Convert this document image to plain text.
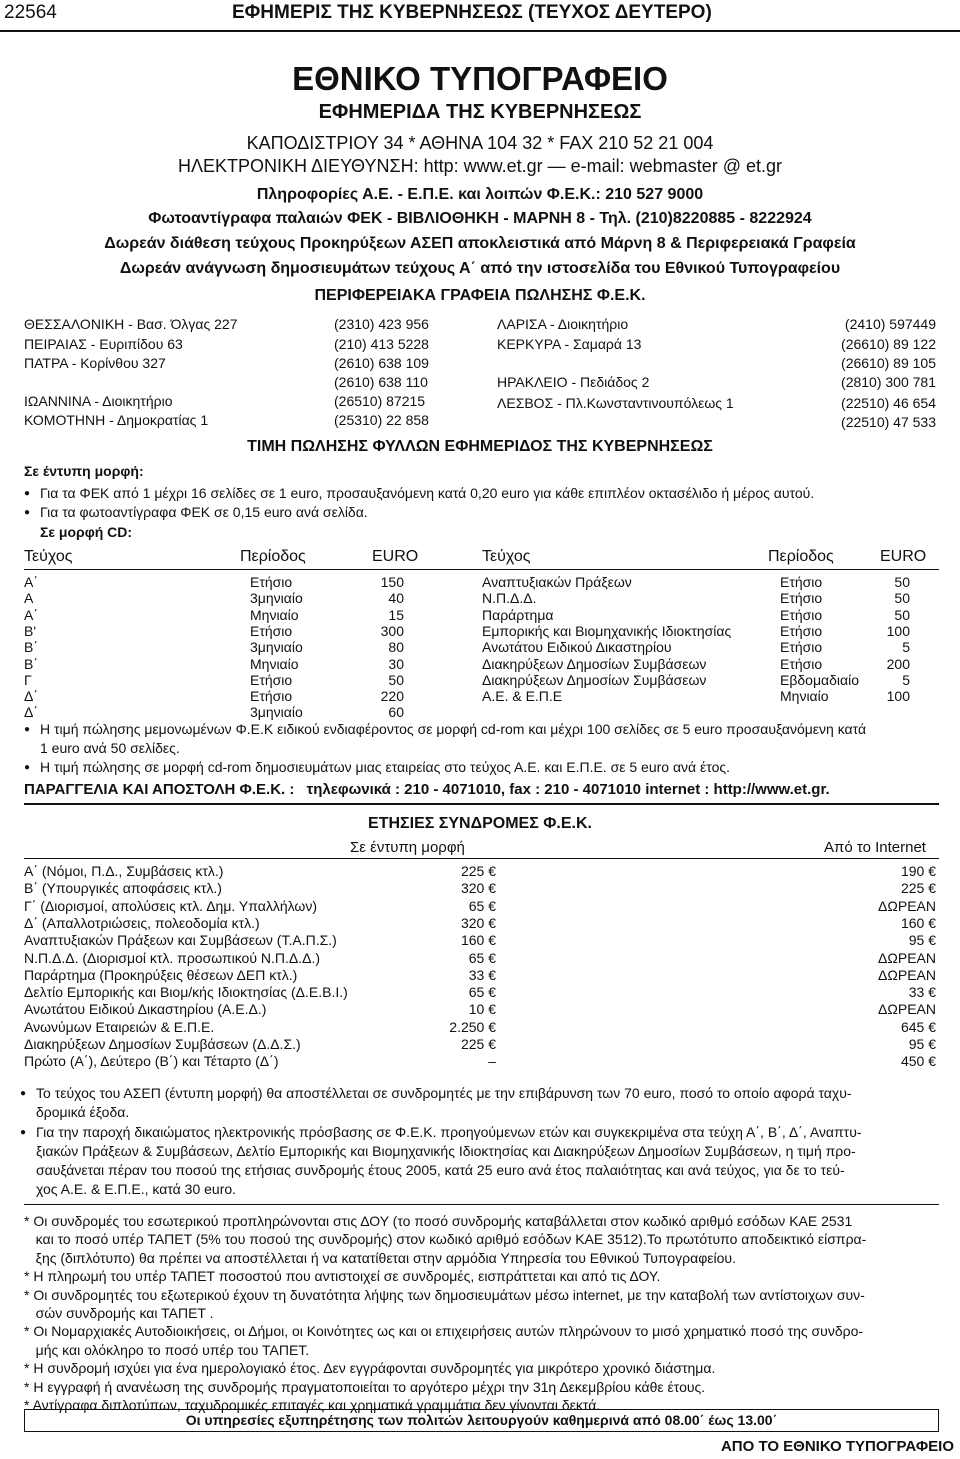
22564	ΕΦΗΜΕΡΙΣ ΤΗΣ ΚΥΒΕΡΝΗΣΕΩΣ (ΤΕΥΧΟΣ ΔΕΥΤΕΡΟ)
ΕΘΝΙΚΟ ΤΥΠΟΓΡΑΦΕΙΟ
ΕΦΗΜΕΡΙΔΑ ΤΗΣ ΚΥΒΕΡΝΗΣΕΩΣ
ΚΑΠΟΔΙΣΤΡΙΟΥ 34 * ΑΘΗΝΑ 104 32 * FAX 210 52 21 004
ΗΛΕΚΤΡΟΝΙΚΗ ΔΙΕΥΘΥΝΣΗ: http: www.et.gr — e-mail: webmaster @ et.gr
Πληροφορίες Α.Ε. - Ε.Π.Ε. και λοιπών Φ.Ε.Κ.: 210 527 9000
Φωτοαντίγραφα παλαιών ΦΕΚ - ΒΙΒΛΙΟΘΗΚΗ - ΜΑΡΝΗ 8 - Τηλ. (210)8220885 - 8222924
Δωρεάν διάθεση τεύχους Προκηρύξεων ΑΣΕΠ αποκλειστικά από Μάρνη 8 & Περιφερειακά Γραφεία
Δωρεάν ανάγνωση δημοσιευμάτων τεύχους Α΄ από την ιστοσελίδα του Εθνικού Τυπογραφείου
ΠΕΡΙΦΕΡΕΙΑΚΑ ΓΡΑΦΕΙΑ ΠΩΛΗΣΗΣ Φ.Ε.Κ.
ΘΕΣΣΑΛΟΝΙΚΗ - Βασ. Όλγας 227	(2310) 423 956
ΠΕΙΡΑΙΑΣ - Ευριπίδου 63	(210) 413 5228
ΠΑΤΡΑ - Κορίνθου 327	(2610) 638 109
(2610) 638 110
ΙΩΑΝΝΙΝΑ - Διοικητήριο	(26510) 87215
ΚΟΜΟΤΗΝΗ - Δημοκρατίας 1	(25310) 22 858
ΛΑΡΙΣΑ - Διοικητήριο	(2410) 597449
ΚΕΡΚΥΡΑ - Σαμαρά 13	(26610) 89 122
(26610) 89 105
ΗΡΑΚΛΕΙΟ - Πεδιάδος 2	(2810) 300 781
ΛΕΣΒΟΣ - Πλ.Κωνσταντινουπόλεως 1	(22510) 46 654
(22510) 47 533
ΤΙΜΗ ΠΩΛΗΣΗΣ ΦΥΛΛΩΝ ΕΦΗΜΕΡΙΔΟΣ ΤΗΣ ΚΥΒΕΡΝΗΣΕΩΣ
Σε έντυπη μορφή:
● Για τα ΦΕΚ από 1 μέχρι 16 σελίδες σε 1 euro, προσαυξανόμενη κατά 0,20 euro για κάθε επιπλέον οκτασέλιδο ή μέρος αυτού.
● Για τα φωτοαντίγραφα ΦΕΚ σε 0,15 euro ανά σελίδα.
Σε μορφή CD:
Τεύχος	Περίοδος	EURO	Τεύχος	Περίοδος	EURO
Α΄	Ετήσιο	150
Α	3μηνιαίο	40
Α΄	Μηνιαίο	15
Β'	Ετήσιο	300
Β΄	3μηνιαίο	80
Β΄	Μηνιαίο	30
Γ	Ετήσιο	50
Δ΄	Ετήσιο	220
Δ΄	3μηνιαίο	60
Αναπτυξιακών Πράξεων	Ετήσιο	50
Ν.Π.Δ.Δ.	Ετήσιο	50
Παράρτημα	Ετήσιο	50
Εμπορικής και Βιομηχανικής Ιδιοκτησίας	Ετήσιο	100
Ανωτάτου Ειδικού Δικαστηρίου	Ετήσιο	5
Διακηρύξεων Δημοσίων Συμβάσεων	Ετήσιο	200
Διακηρύξεων Δημοσίων Συμβάσεων	Εβδομαδιαίο	5
Α.Ε. & Ε.Π.Ε	Μηνιαίο	100
● Η τιμή πώλησης μεμονωμένων Φ.Ε.Κ ειδικού ενδιαφέροντος σε μορφή cd-rom και μέχρι 100 σελίδες σε 5 euro προσαυξανόμενη κατά
1 euro ανά 50 σελίδες.
● Η τιμή πώλησης σε μορφή cd-rom δημοσιευμάτων μιας εταιρείας στο τεύχος Α.Ε. και Ε.Π.Ε. σε 5 euro ανά έτος.
ΠΑΡΑΓΓΕΛΙΑ ΚΑΙ ΑΠΟΣΤΟΛΗ Φ.Ε.Κ. : τηλεφωνικά : 210 - 4071010, fax : 210 - 4071010 internet : http://www.et.gr.
ΕΤΗΣΙΕΣ ΣΥΝΔΡΟΜΕΣ Φ.Ε.Κ.
Σε έντυπη μορφή	Από το Internet
Α΄ (Νόμοι, Π.Δ., Συμβάσεις κτλ.)	225 €	190 €
Β΄ (Υπουργικές αποφάσεις κτλ.)	320 €	225 €
Γ΄ (Διορισμοί, απολύσεις κτλ. Δημ. Υπαλλήλων)	65 €	ΔΩΡΕΑΝ
Δ΄ (Απαλλοτριώσεις, πολεοδομία κτλ.)	320 €	160 €
Αναπτυξιακών Πράξεων και Συμβάσεων (Τ.Α.Π.Σ.)	160 €	95 €
Ν.Π.Δ.Δ. (Διορισμοί κτλ. προσωπικού Ν.Π.Δ.Δ.)	65 €	ΔΩΡΕΑΝ
Παράρτημα (Προκηρύξεις θέσεων ΔΕΠ κτλ.)	33 €	ΔΩΡΕΑΝ
Δελτίο Εμπορικής και Βιομ/κής Ιδιοκτησίας (Δ.Ε.Β.Ι.)	65 €	33 €
Ανωτάτου Ειδικού Δικαστηρίου (Α.Ε.Δ.)	10 €	ΔΩΡΕΑΝ
Ανωνύμων Εταιρειών & Ε.Π.Ε.	2.250 €	645 €
Διακηρύξεων Δημοσίων Συμβάσεων (Δ.Δ.Σ.)	225 €	95 €
Πρώτο (Α΄), Δεύτερο (Β΄) και Τέταρτο (Δ΄)	–	450 €
● Το τεύχος του ΑΣΕΠ (έντυπη μορφή) θα αποστέλλεται σε συνδρομητές με την επιβάρυνση των 70 euro, ποσό το οποίο αφορά ταχυ-
δρομικά έξοδα.
● Για την παροχή δικαιώματος ηλεκτρονικής πρόσβασης σε Φ.Ε.Κ. προηγούμενων ετών και συγκεκριμένα στα τεύχη Α΄, Β΄, Δ΄, Αναπτυ-
ξιακών Πράξεων & Συμβάσεων, Δελτίο Εμπορικής και Βιομηχανικής Ιδιοκτησίας και Διακηρύξεων Δημοσίων Συμβάσεων, η τιμή προ-
σαυξάνεται πέραν του ποσού της ετήσιας συνδρομής έτους 2005, κατά 25 euro ανά έτος παλαιότητας και ανά τεύχος, για δε το τεύ-
χος Α.Ε. & Ε.Π.Ε., κατά 30 euro.
* Οι συνδρομές του εσωτερικού προπληρώνονται στις ΔΟΥ (το ποσό συνδρομής καταβάλλεται στον κωδικό αριθμό εσόδων ΚΑΕ 2531
και το ποσό υπέρ ΤΑΠΕΤ (5% του ποσού της συνδρομής) στον κωδικό αριθμό εσόδων ΚΑΕ 3512).Το πρωτότυπο αποδεικτικό είσπρα-
ξης (διπλότυπο) θα πρέπει να αποστέλλεται ή να κατατίθεται στην αρμόδια Υπηρεσία του Εθνικού Τυπογραφείου.
* Η πληρωμή του υπέρ ΤΑΠΕΤ ποσοστού που αντιστοιχεί σε συνδρομές, εισπράττεται και από τις ΔΟΥ.
* Οι συνδρομητές του εξωτερικού έχουν τη δυνατότητα λήψης των δημοσιευμάτων μέσω internet, με την καταβολή των αντίστοιχων συν-
σών συνδρομής και ΤΑΠΕΤ .
* Οι Νομαρχιακές Αυτοδιοικήσεις, οι Δήμοι, οι Κοινότητες ως και οι επιχειρήσεις αυτών πληρώνουν το μισό χρηματικό ποσό της συνδρο-
μής και ολόκληρο το ποσό υπέρ του ΤΑΠΕΤ.
* Η συνδρομή ισχύει για ένα ημερολογιακό έτος. Δεν εγγράφονται συνδρομητές για μικρότερο χρονικό διάστημα.
* Η εγγραφή ή ανανέωση της συνδρομής πραγματοποιείται το αργότερο μέχρι την 31η Δεκεμβρίου κάθε έτους.
* Αντίγραφα διπλοτύπων, ταχυδρομικές επιταγές και χρηματικά γραμμάτια δεν γίνονται δεκτά.
Οι υπηρεσίες εξυπηρέτησης των πολιτών λειτουργούν καθημερινά από 08.00΄ έως 13.00΄
ΑΠΟ ΤΟ ΕΘΝΙΚΟ ΤΥΠΟΓΡΑΦΕΙΟ
